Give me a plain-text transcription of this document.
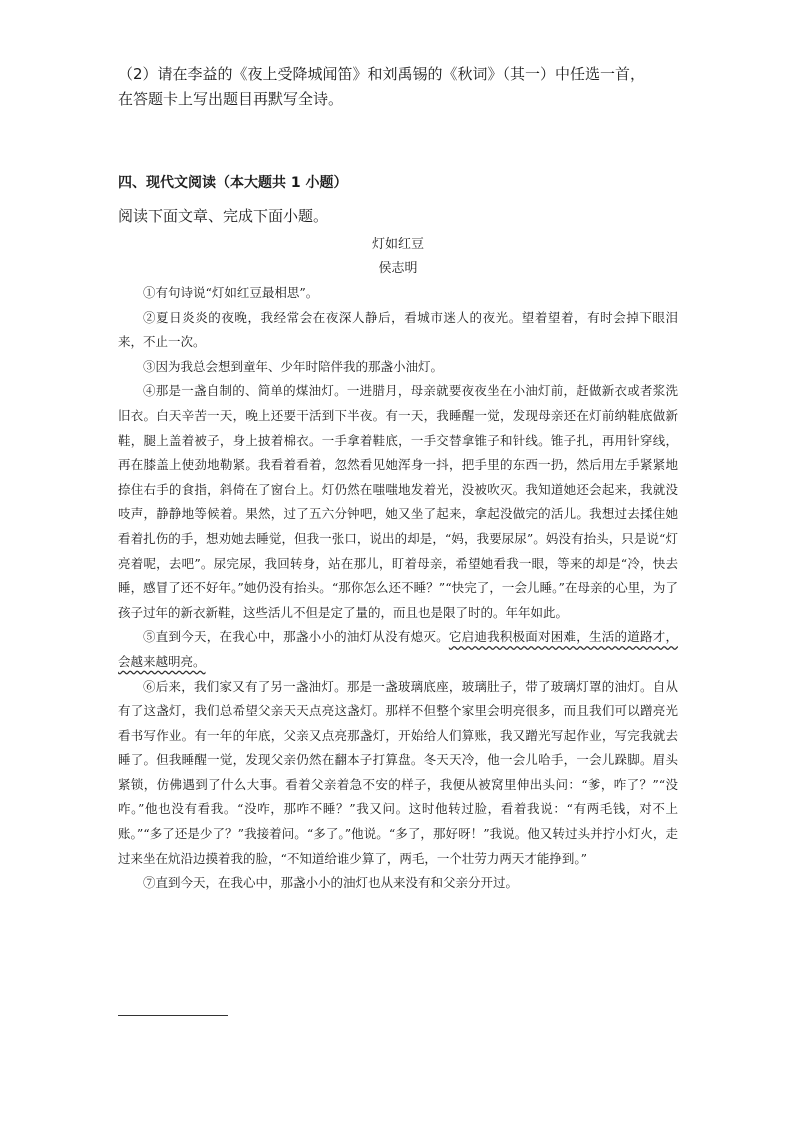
（2）请在李益的《夜上受降城闻笛》和刘禹锡的《秋词》（其一）中任选一首，

在答题卡上写出题目再默写全诗。

四、现代文阅读（本大题共 1 小题）

阅读下面文章、完成下面小题。

灯如红豆

侯志明

①有句诗说“灯如红豆最相思”。

②夏日炎炎的夜晚，我经常会在夜深人静后，看城市迷人的夜光。望着望着，有时会掉下眼泪来，不止一次。

③因为我总会想到童年、少年时陪伴我的那盏小油灯。

④那是一盏自制的、简单的煤油灯。一进腊月，母亲就要夜夜坐在小油灯前，赶做新衣或者浆洗旧衣。白天辛苦一天，晚上还要干活到下半夜。有一天，我睡醒一觉，发现母亲还在灯前纳鞋底做新鞋，腿上盖着被子，身上披着棉衣。一手拿着鞋底，一手交替拿锥子和针线。锥子扎，再用针穿线，再在膝盖上使劲地勒紧。我看着看着，忽然看见她浑身一抖，把手里的东西一扔，然后用左手紧紧地捺住右手的食指，斜倚在了窗台上。灯仍然在嗤嗤地发着光，没被吹灭。我知道她还会起来，我就没吱声，静静地等候着。果然，过了五六分钟吧，她又坐了起来，拿起没做完的活儿。我想过去揉住她看着扎伤的手，想劝她去睡觉，但我一张口，说出的却是，“妈，我要尿尿”。妈没有抬头，只是说“灯亮着呢，去吧”。尿完尿，我回转身，站在那儿，盯着母亲，希望她看我一眼，等来的却是“冷，快去睡，感冒了还不好年。”她仍没有抬头。“那你怎么还不睡？”“快完了，一会儿睡。”在母亲的心里，为了孩子过年的新衣新鞋，这些活儿不但是定了量的，而且也是限了时的。年年如此。

⑤直到今天，在我心中，那盏小小的油灯从没有熄灭。它启迪我积极面对困难，生活的道路才，会越来越明亮。

⑥后来，我们家又有了另一盏油灯。那是一盏玻璃底座，玻璃肚子，带了玻璃灯罩的油灯。自从有了这盏灯，我们总希望父亲天天点亮这盏灯。那样不但整个家里会明亮很多，而且我们可以蹭亮光看书写作业。有一年的年底，父亲又点亮那盏灯，开始给人们算账，我又蹭光写起作业，写完我就去睡了。但我睡醒一觉，发现父亲仍然在翻本子打算盘。冬天天冷，他一会儿哈手，一会儿跺脚。眉头紧锁，仿佛遇到了什么大事。看着父亲着急不安的样子，我便从被窝里伸出头问：“爹，咋了？”“没咋。”他也没有看我。“没咋，那咋不睡？”我又问。这时他转过脸，看着我说：“有两毛钱，对不上账。”“多了还是少了？”我接着问。“多了。”他说。“多了，那好呀！”我说。他又转过头并拧小灯火，走过来坐在炕沿边摸着我的脸，“不知道给谁少算了，两毛，一个壮劳力两天才能挣到。”

⑦直到今天，在我心中，那盏小小的油灯也从来没有和父亲分开过。
